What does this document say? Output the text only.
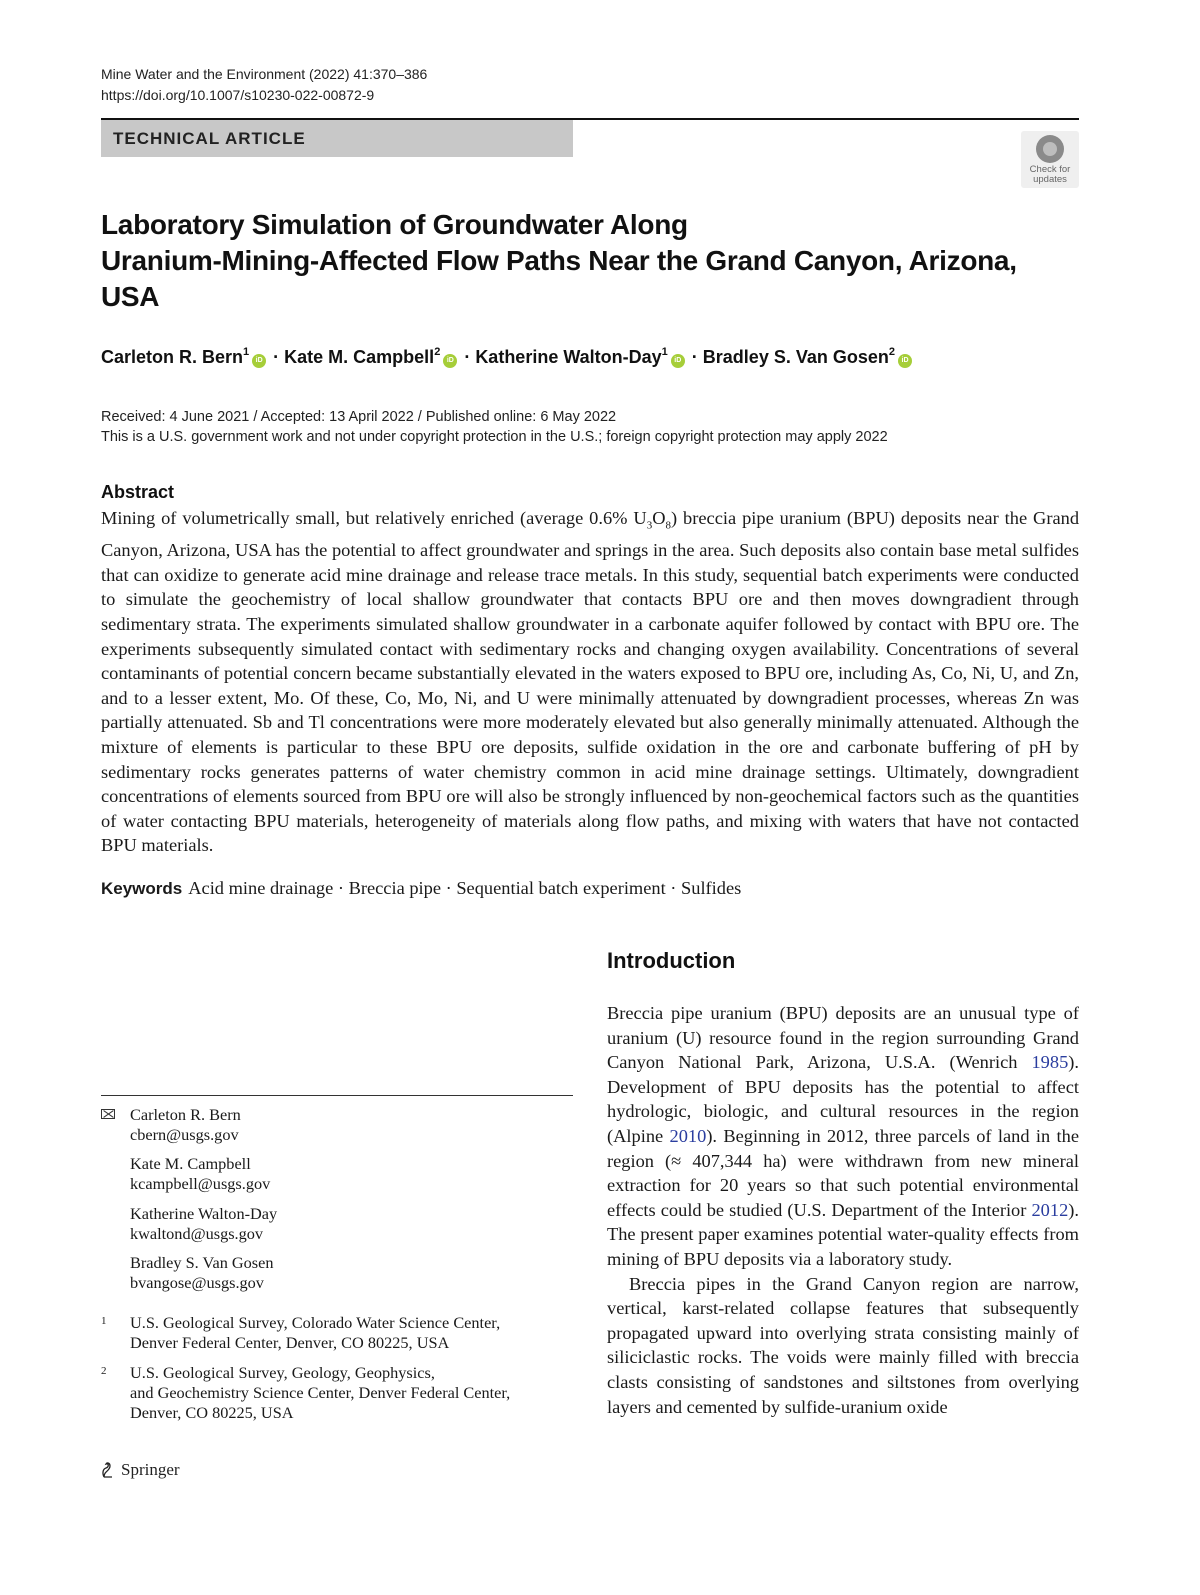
Mine Water and the Environment (2022) 41:370–386
https://doi.org/10.1007/s10230-022-00872-9
TECHNICAL ARTICLE
Check for
updates
Laboratory Simulation of Groundwater Along
Uranium-Mining-Affected Flow Paths Near the Grand Canyon, Arizona,
USA
Carleton R. Bern$^1$iD · Kate M. Campbell$^2$iD · Katherine Walton-Day$^1$iD · Bradley S. Van Gosen$^2$iD
Received: 4 June 2021 / Accepted: 13 April 2022 / Published online: 6 May 2022
This is a U.S. government work and not under copyright protection in the U.S.; foreign copyright protection may apply 2022
Abstract
Mining of volumetrically small, but relatively enriched (average 0.6% $U_3O_8$) breccia pipe uranium (BPU) deposits near the Grand Canyon, Arizona, USA has the potential to affect groundwater and springs in the area. Such deposits also contain base metal sulfides that can oxidize to generate acid mine drainage and release trace metals. In this study, sequential batch experiments were conducted to simulate the geochemistry of local shallow groundwater that contacts BPU ore and then moves downgradient through sedimentary strata. The experiments simulated shallow groundwater in a carbonate aquifer followed by contact with BPU ore. The experiments subsequently simulated contact with sedimentary rocks and changing oxygen availability. Concentrations of several contaminants of potential concern became substantially elevated in the waters exposed to BPU ore, including As, Co, Ni, U, and Zn, and to a lesser extent, Mo. Of these, Co, Mo, Ni, and U were minimally attenuated by downgradient processes, whereas Zn was partially attenuated. Sb and Tl concentrations were more moderately elevated but also generally minimally attenuated. Although the mixture of elements is particular to these BPU ore deposits, sulfide oxidation in the ore and carbonate buffering of pH by sedimentary rocks generates patterns of water chemistry common in acid mine drainage settings. Ultimately, downgradient concentrations of elements sourced from BPU ore will also be strongly influenced by non-geochemical factors such as the quantities of water contacting BPU materials, heterogeneity of materials along flow paths, and mixing with waters that have not contacted BPU materials.
Keywords Acid mine drainage · Breccia pipe · Sequential batch experiment · Sulfides
Introduction

Breccia pipe uranium (BPU) deposits are an unusual type of uranium (U) resource found in the region surrounding Grand Canyon National Park, Arizona, U.S.A. (Wenrich 1985). Development of BPU deposits has the potential to affect hydrologic, biologic, and cultural resources in the region (Alpine 2010). Beginning in 2012, three parcels of land in the region (≈ 407,344 ha) were withdrawn from new mineral extraction for 20 years so that such potential environmental effects could be studied (U.S. Department of the Interior 2012). The present paper examines potential water-quality effects from mining of BPU deposits via a laboratory study.

Breccia pipes in the Grand Canyon region are narrow, vertical, karst-related collapse features that subsequently propagated upward into overlying strata consisting mainly of siliciclastic rocks. The voids were mainly filled with breccia clasts consisting of sandstones and siltstones from overlying layers and cemented by sulfide-uranium oxide

Carleton R. Bern
cbern@usgs.gov
Kate M. Campbell
kcampbell@usgs.gov
Katherine Walton-Day
kwaltond@usgs.gov
Bradley S. Van Gosen
bvangose@usgs.gov
1 U.S. Geological Survey, Colorado Water Science Center,
Denver Federal Center, Denver, CO 80225, USA
2 U.S. Geological Survey, Geology, Geophysics,
and Geochemistry Science Center, Denver Federal Center,
Denver, CO 80225, USA
Springer
